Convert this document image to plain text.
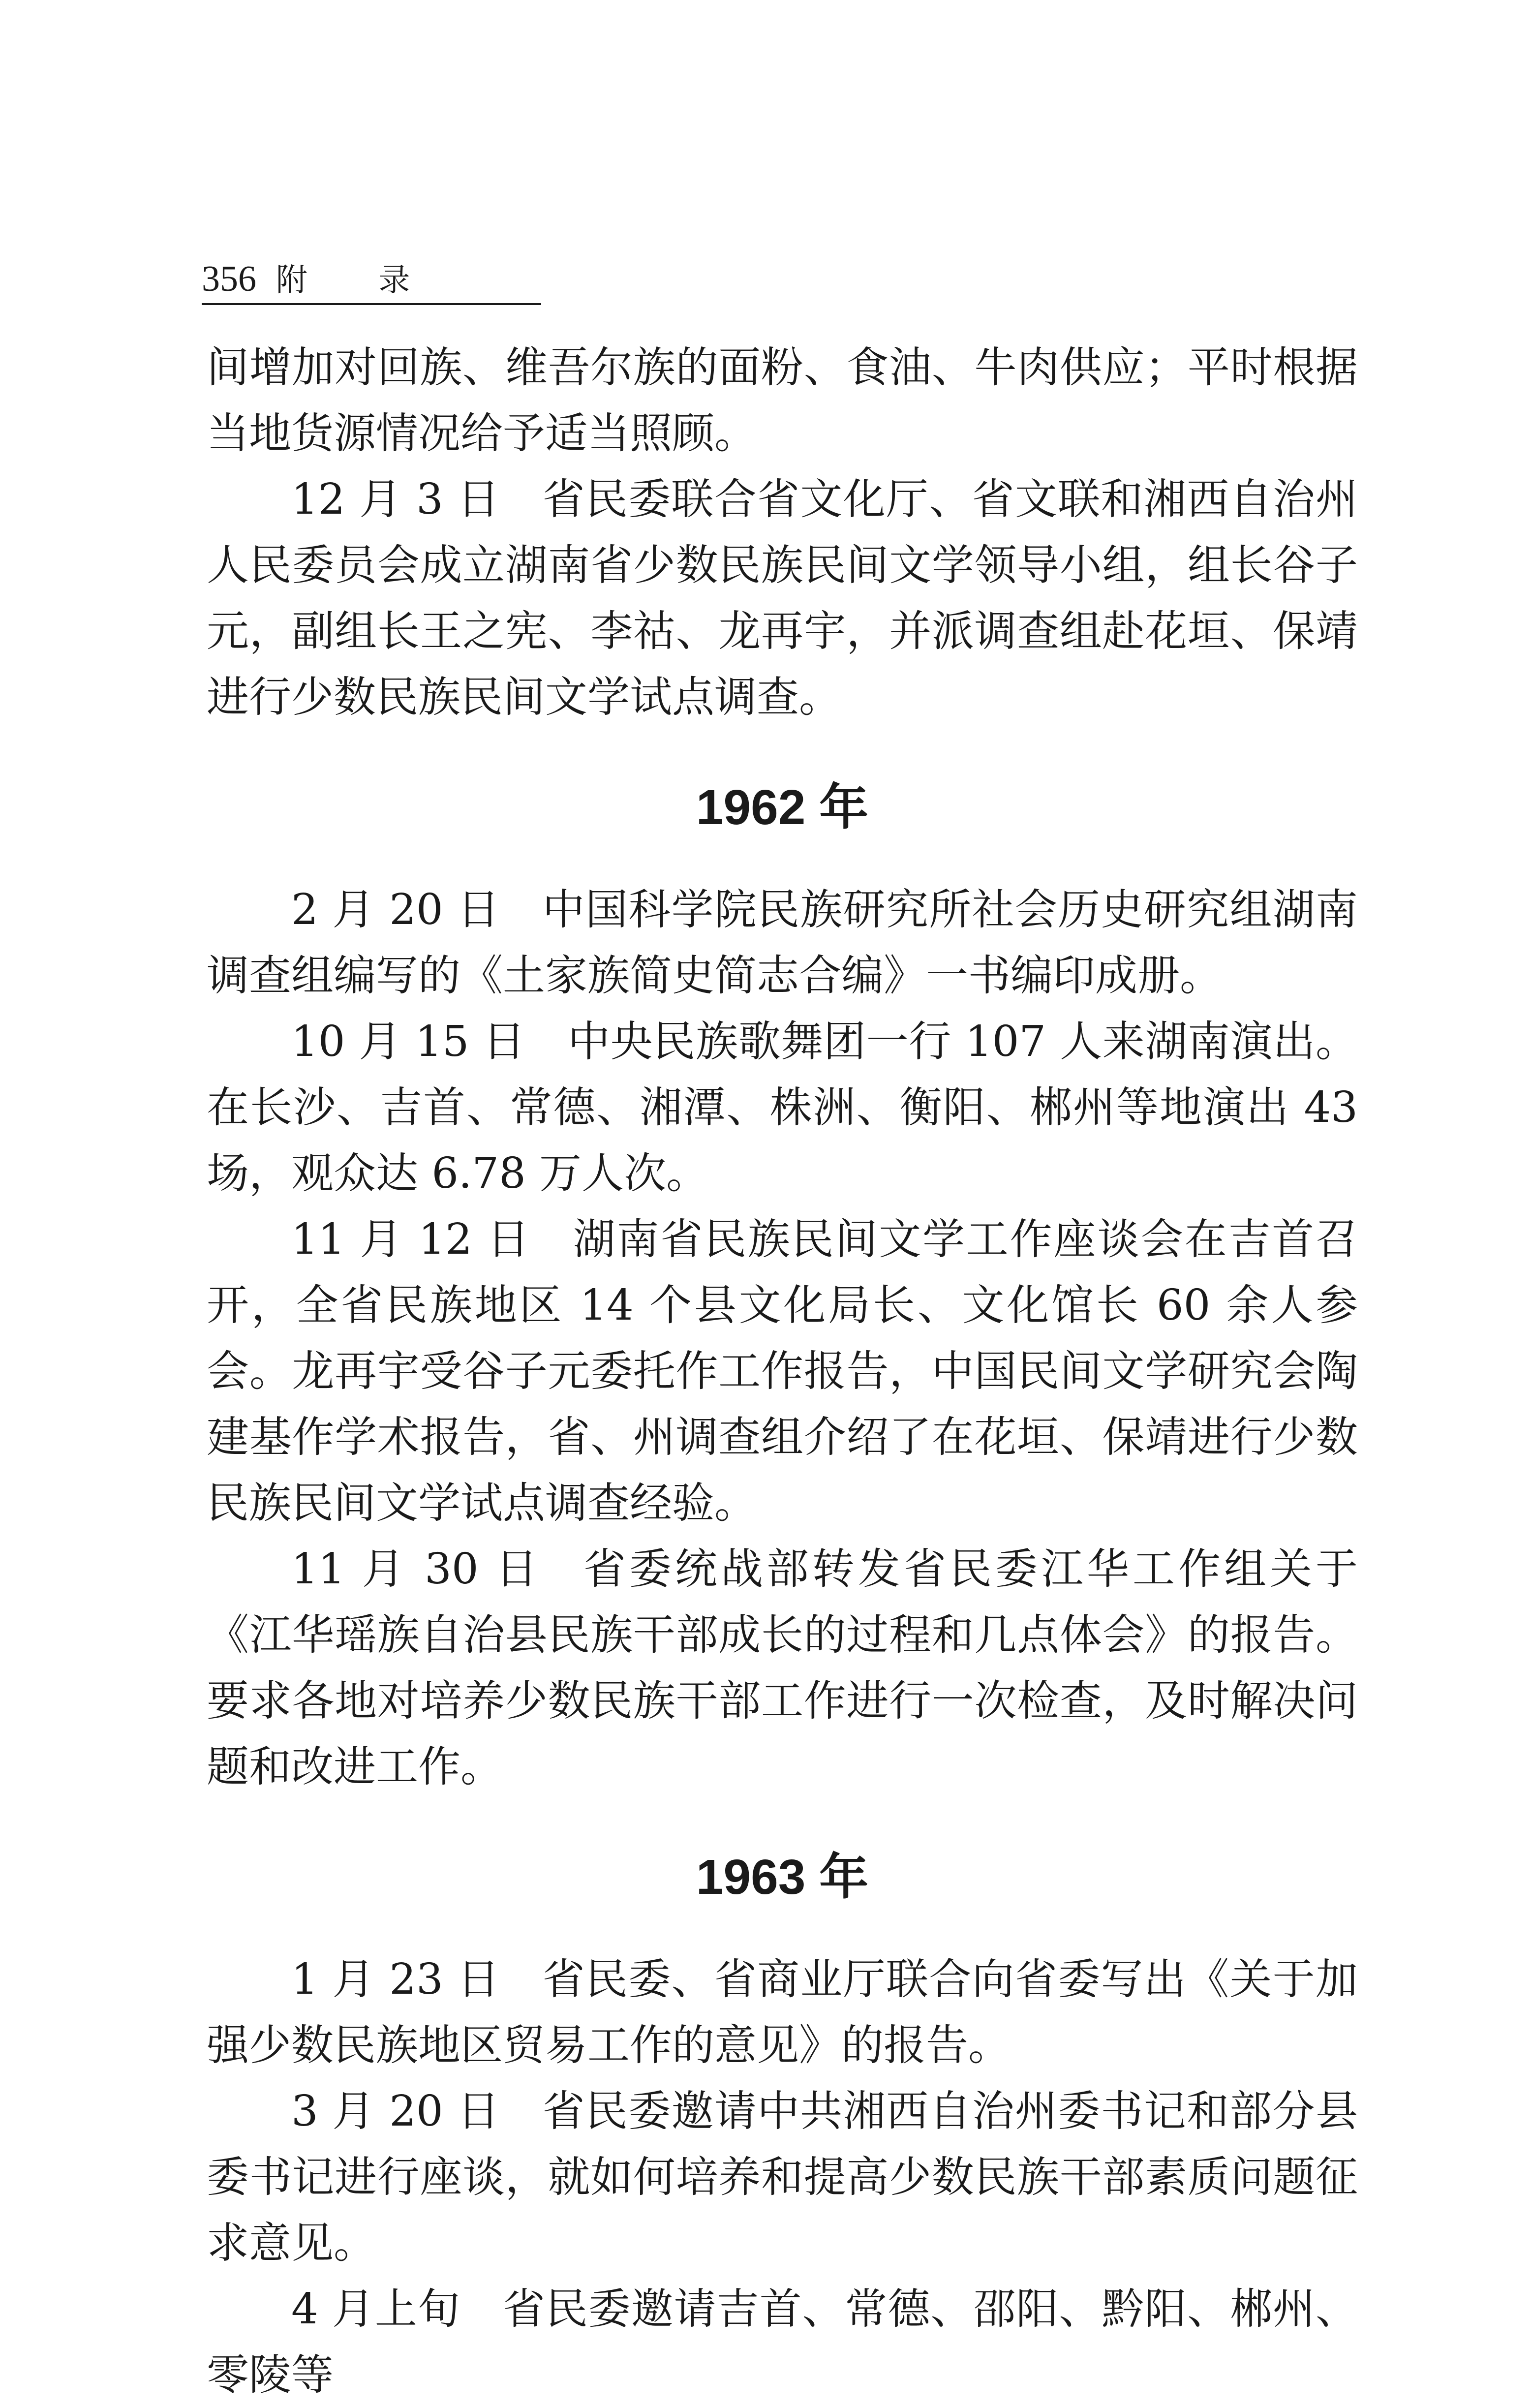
356 附 录

间增加对回族、维吾尔族的面粉、食油、牛肉供应；平时根据当地货源情况给予适当照顾。

12 月 3 日 省民委联合省文化厅、省文联和湘西自治州人民委员会成立湖南省少数民族民间文学领导小组，组长谷子元，副组长王之宪、李祜、龙再宇，并派调查组赴花垣、保靖进行少数民族民间文学试点调查。

1962 年

2 月 20 日 中国科学院民族研究所社会历史研究组湖南调查组编写的《土家族简史简志合编》一书编印成册。

10 月 15 日 中央民族歌舞团一行 107 人来湖南演出。在长沙、吉首、常德、湘潭、株洲、衡阳、郴州等地演出 43 场，观众达 6.78 万人次。

11 月 12 日 湖南省民族民间文学工作座谈会在吉首召开，全省民族地区 14 个县文化局长、文化馆长 60 余人参会。龙再宇受谷子元委托作工作报告，中国民间文学研究会陶建基作学术报告，省、州调查组介绍了在花垣、保靖进行少数民族民间文学试点调查经验。

11 月 30 日 省委统战部转发省民委江华工作组关于《江华瑶族自治县民族干部成长的过程和几点体会》的报告。要求各地对培养少数民族干部工作进行一次检查，及时解决问题和改进工作。

1963 年

1 月 23 日 省民委、省商业厅联合向省委写出《关于加强少数民族地区贸易工作的意见》的报告。

3 月 20 日 省民委邀请中共湘西自治州委书记和部分县委书记进行座谈，就如何培养和提高少数民族干部素质问题征求意见。

4 月上旬 省民委邀请吉首、常德、邵阳、黔阳、郴州、零陵等
